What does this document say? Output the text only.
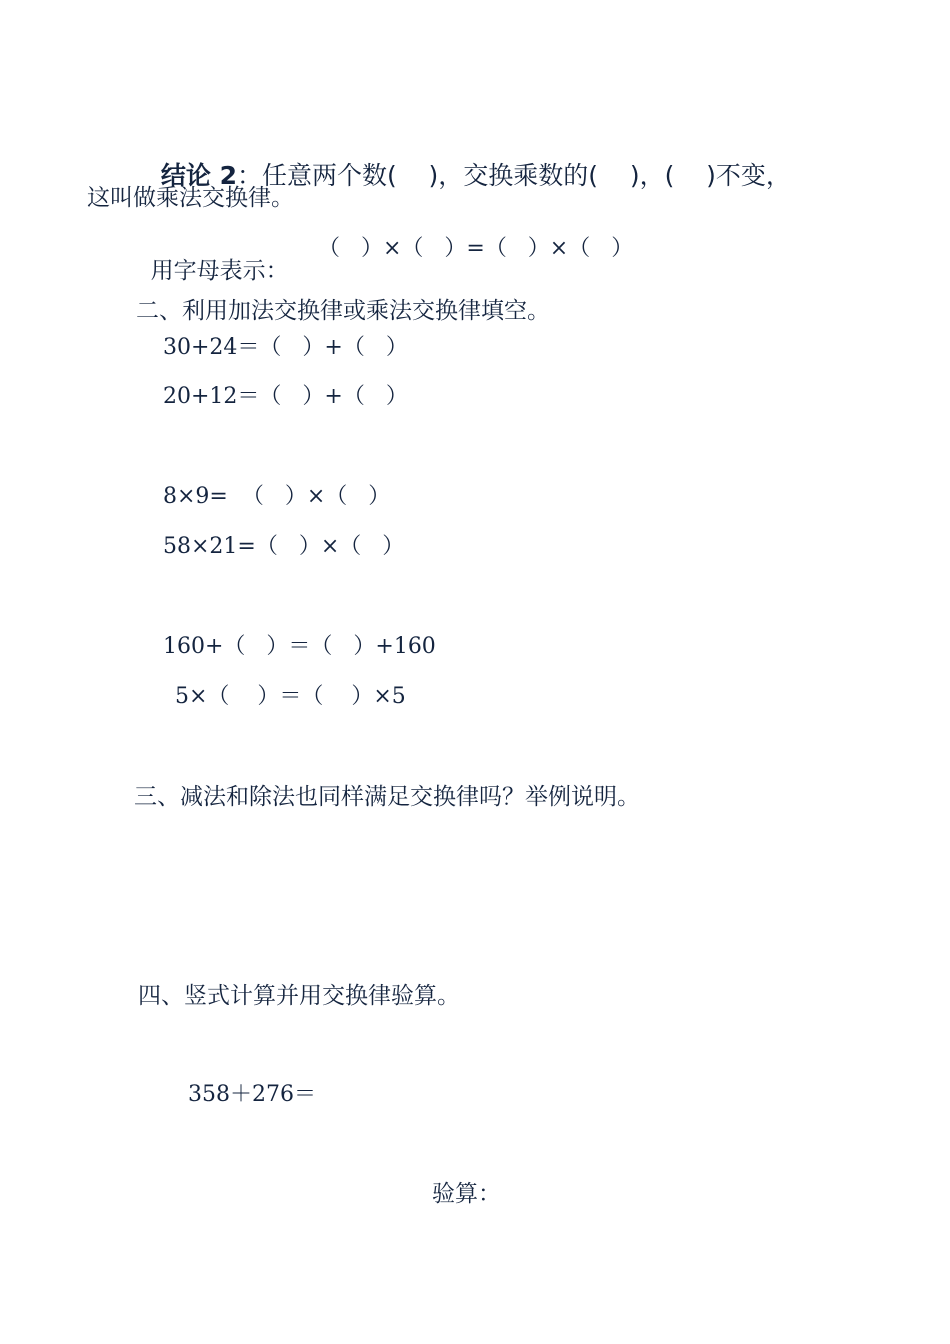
结论 2：任意两个数(    )，交换乘数的(    )，(    )不变，

这叫做乘法交换律。

用字母表示：

（   ）×（   ）=（   ）×（   ）
二、利用加法交换律或乘法交换律填空。
30+24＝（   ）+（   ）
20+12＝（   ）+（   ）
8×9=  （   ）×（   ）
58×21=（   ）×（   ）
160+（   ）＝（   ）+160
5×（    ）＝（    ）×5
三、减法和除法也同样满足交换律吗？举例说明。
四、竖式计算并用交换律验算。
358＋276＝
验算：
